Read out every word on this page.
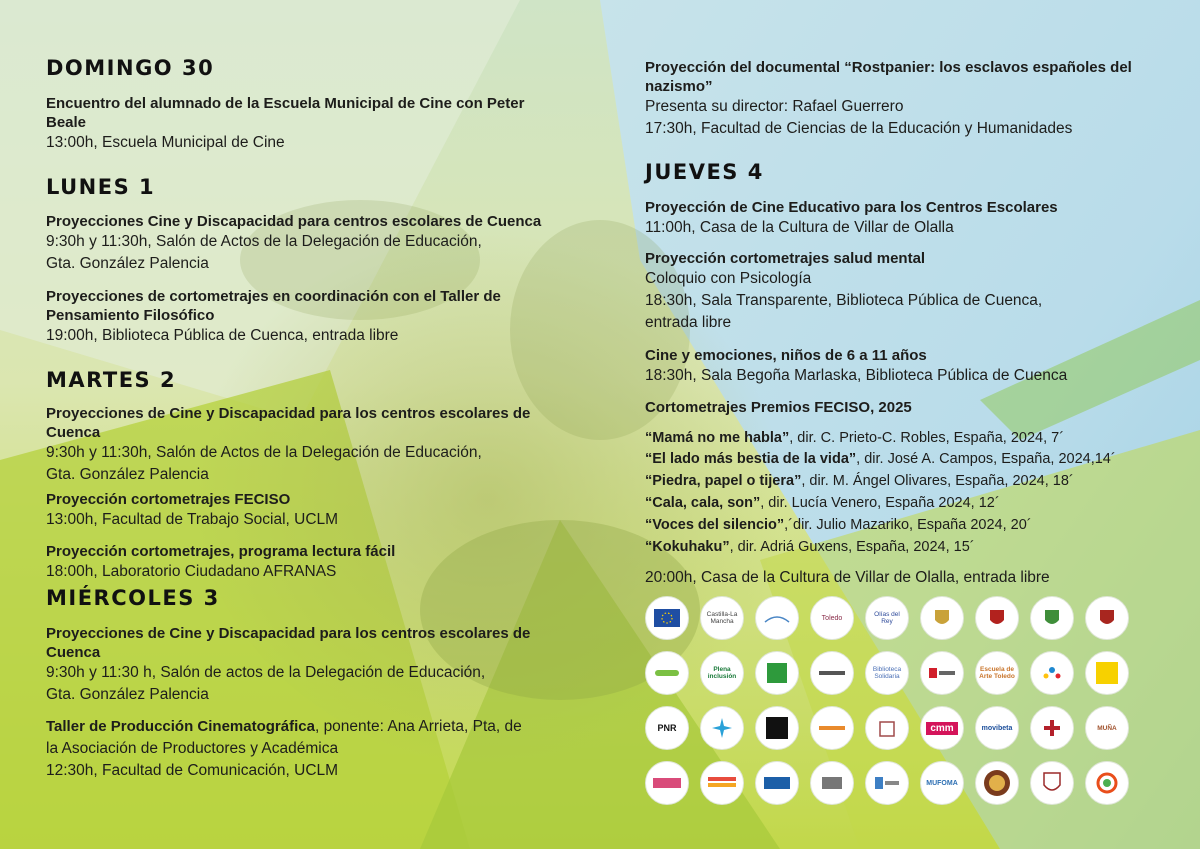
DOMINGO 30
Encuentro del alumnado de la Escuela Municipal de Cine con Peter
Beale
13:00h, Escuela Municipal de Cine
LUNES 1
Proyecciones Cine y Discapacidad para centros escolares de Cuenca
9:30h y 11:30h, Salón de Actos de la Delegación de Educación,
Gta. González Palencia
Proyecciones de cortometrajes en coordinación con el Taller de
Pensamiento Filosófico
19:00h, Biblioteca Pública de Cuenca, entrada libre
MARTES 2
Proyecciones de Cine y Discapacidad para los centros escolares de
Cuenca
9:30h y 11:30h, Salón de Actos de la Delegación de Educación,
Gta. González Palencia
Proyección cortometrajes FECISO
13:00h, Facultad de Trabajo Social, UCLM
Proyección cortometrajes, programa lectura fácil
18:00h, Laboratorio Ciudadano AFRANAS
MIÉRCOLES 3
Proyecciones de Cine y Discapacidad para los centros escolares de
Cuenca
9:30h y 11:30 h, Salón de actos de la Delegación de Educación,
Gta. González Palencia
Taller de Producción Cinematográfica, ponente: Ana Arrieta, Pta, de
la Asociación de Productores y Académica
12:30h, Facultad de Comunicación, UCLM
Proyección del documental “Rostpanier: los esclavos españoles del
nazismo”
Presenta su director: Rafael Guerrero
17:30h, Facultad de Ciencias de la Educación y Humanidades
JUEVES 4
Proyección de Cine Educativo para los Centros Escolares
11:00h, Casa de la Cultura de Villar de Olalla
Proyección cortometrajes salud mental
Coloquio con Psicología
18:30h, Sala Transparente, Biblioteca Pública de Cuenca,
entrada libre
Cine y emociones, niños de 6 a 11 años
18:30h, Sala Begoña Marlaska, Biblioteca Pública de Cuenca
Cortometrajes Premios FECISO, 2025
“Mamá no me habla”, dir. C. Prieto-C. Robles, España, 2024, 7´
“El lado más bestia de la vida”, dir. José A. Campos, España, 2024,14´
“Piedra, papel o tijera”, dir. M. Ángel Olivares, España, 2024, 18´
“Cala, cala, son”, dir. Lucía Venero, España 2024, 12´
“Voces del silencio”,´dir. Julio Mazariko, España 2024, 20´
“Kokuhaku”, dir. Adriá Guxens, España, 2024, 15´
20:00h, Casa de la Cultura de Villar de Olalla, entrada libre
Castilla-La Mancha	Toledo	Olías del Rey
Plena inclusión
Biblioteca Solidaria
Escuela de Arte Toledo
PNR	cmm	movibeta	MUÑA
MUFOMA
